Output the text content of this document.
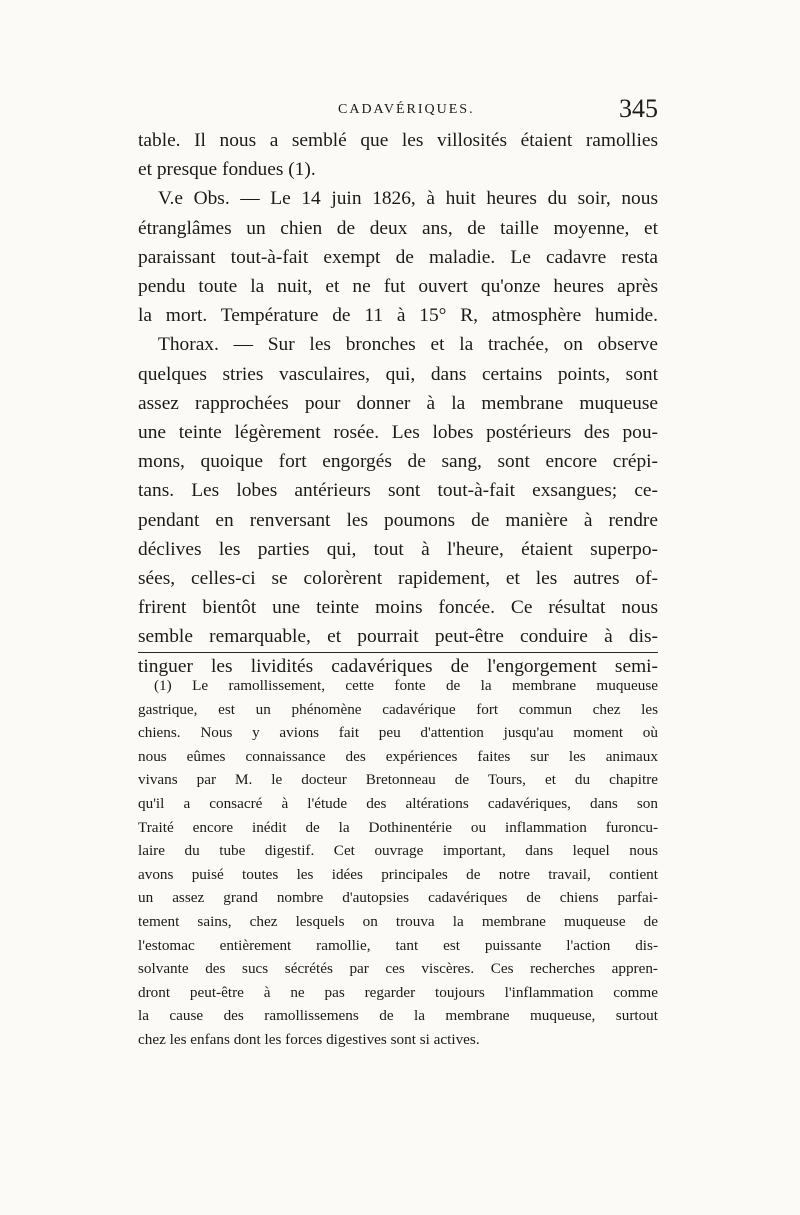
CADAVÉRIQUES.	345
table. Il nous a semblé que les villosités étaient ramollies
et presque fondues (1).
V.e Obs. — Le 14 juin 1826, à huit heures du soir, nous
étranglâmes un chien de deux ans, de taille moyenne, et
paraissant tout-à-fait exempt de maladie. Le cadavre resta
pendu toute la nuit, et ne fut ouvert qu'onze heures après
la mort. Température de 11 à 15° R, atmosphère humide.
Thorax. — Sur les bronches et la trachée, on observe
quelques stries vasculaires, qui, dans certains points, sont
assez rapprochées pour donner à la membrane muqueuse
une teinte légèrement rosée. Les lobes postérieurs des pou-
mons, quoique fort engorgés de sang, sont encore crépi-
tans. Les lobes antérieurs sont tout-à-fait exsangues; ce-
pendant en renversant les poumons de manière à rendre
déclives les parties qui, tout à l'heure, étaient superpo-
sées, celles-ci se colorèrent rapidement, et les autres of-
frirent bientôt une teinte moins foncée. Ce résultat nous
semble remarquable, et pourrait peut-être conduire à dis-
tinguer les lividités cadavériques de l'engorgement semi-
(1) Le ramollissement, cette fonte de la membrane muqueuse
gastrique, est un phénomène cadavérique fort commun chez les
chiens. Nous y avions fait peu d'attention jusqu'au moment où
nous eûmes connaissance des expériences faites sur les animaux
vivans par M. le docteur Bretonneau de Tours, et du chapitre
qu'il a consacré à l'étude des altérations cadavériques, dans son
Traité encore inédit de la Dothinentérie ou inflammation furoncu-
laire du tube digestif. Cet ouvrage important, dans lequel nous
avons puisé toutes les idées principales de notre travail, contient
un assez grand nombre d'autopsies cadavériques de chiens parfai-
tement sains, chez lesquels on trouva la membrane muqueuse de
l'estomac entièrement ramollie, tant est puissante l'action dis-
solvante des sucs sécrétés par ces viscères. Ces recherches appren-
dront peut-être à ne pas regarder toujours l'inflammation comme
la cause des ramollissemens de la membrane muqueuse, surtout
chez les enfans dont les forces digestives sont si actives.
